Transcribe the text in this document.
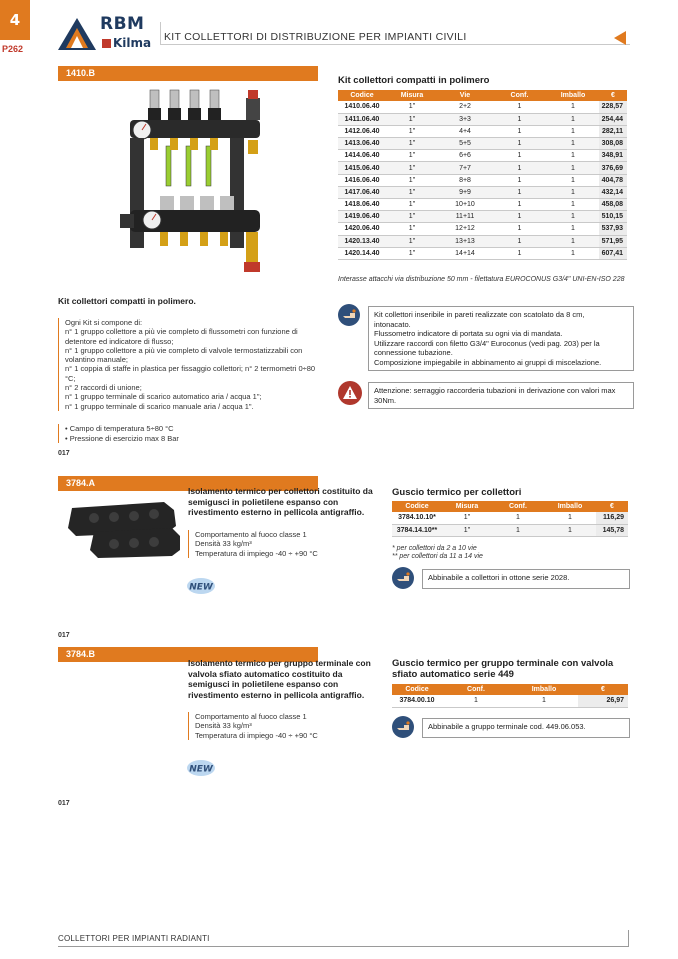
4
P262
RBM
Kilma KIT COLLETTORI DI DISTRIBUZIONE PER IMPIANTI CIVILI
1410.B
Kit collettori compatti in polimero
Codice	Misura	Vie	Conf.	Imballo	€
1410.06.40	1"	2+2	1	1	228,57
1411.06.40	1"	3+3	1	1	254,44
1412.06.40	1"	4+4	1	1	282,11
1413.06.40	1"	5+5	1	1	308,08
1414.06.40	1"	6+6	1	1	348,91
1415.06.40	1"	7+7	1	1	376,69
1416.06.40	1"	8+8	1	1	404,78
1417.06.40	1"	9+9	1	1	432,14
1418.06.40	1"	10+10	1	1	458,08
1419.06.40	1"	11+11	1	1	510,15
1420.06.40	1"	12+12	1	1	537,93
1420.13.40	1"	13+13	1	1	571,95
1420.14.40	1"	14+14	1	1	607,41
Interasse attacchi via distribuzione 50 mm - filettatura EUROCONUS G3/4" UNI-EN-ISO 228
Kit collettori compatti in polimero.
Ogni Kit si compone di:
n° 1 gruppo collettore a più vie completo di flussometri con funzione di
detentore ed indicatore di flusso;
n° 1 gruppo collettore a più vie completo di valvole termostatizzabili con
volantino manuale;
n° 1 coppia di staffe in plastica per fissaggio collettori; n° 2 termometri 0÷80
°C;
n° 2 raccordi di unione;
n° 1 gruppo terminale di scarico automatico aria / acqua 1";
n° 1 gruppo terminale di scarico manuale aria / acqua 1".
• Campo di temperatura 5÷80 °C
• Pressione di esercizio max 8 Bar
017
Kit collettori inseribile in pareti realizzate con scatolato da 8 cm,
intonacato.
Flussometro indicatore di portata su ogni via di mandata.
Utilizzare raccordi con filetto G3/4" Euroconus (vedi pag. 203) per la
connessione tubazione.
Composizione impiegabile in abbinamento ai gruppi di miscelazione.
Attenzione: serraggio raccorderia tubazioni in derivazione con valori max
30Nm.
3784.A
Isolamento termico per collettori costituito da
semigusci in polietilene espanso con
rivestimento esterno in pellicola antigraffio.
Comportamento al fuoco classe 1
Densità 33 kg/m³
Temperatura di impiego -40 ÷ +90 °C
NEW
Guscio termico per collettori
Codice	Misura	Conf.	Imballo	€
3784.10.10*	1"	1	1	116,29
3784.14.10**	1"	1	1	145,78
* per collettori da 2 a 10 vie
** per collettori da 11 a 14 vie
Abbinabile a collettori in ottone serie 2028.
017
3784.B
Isolamento termico per gruppo terminale con
valvola sfiato automatico costituito da
semigusci in polietilene espanso con
rivestimento esterno in pellicola antigraffio.
Comportamento al fuoco classe 1
Densità 33 kg/m³
Temperatura di impiego -40 ÷ +90 °C
NEW
Guscio termico per gruppo terminale con valvola
sfiato automatico serie 449
Codice	Conf.	Imballo	€
3784.00.10	1	1	26,97
Abbinabile a gruppo terminale cod. 449.06.053.
017
COLLETTORI PER IMPIANTI RADIANTI
